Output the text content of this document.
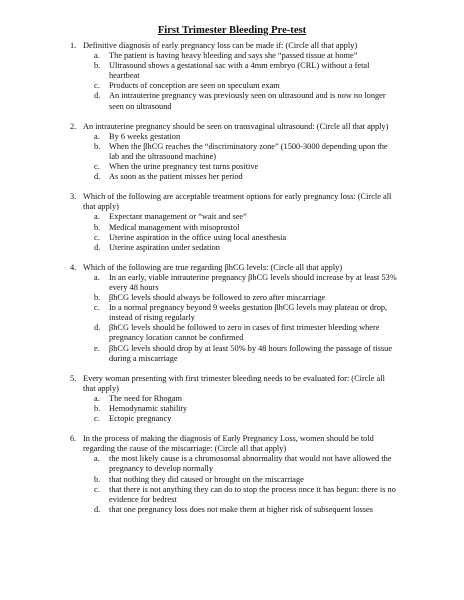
First Trimester Bleeding Pre-test
1. Definitive diagnosis of early pregnancy loss can be made if: (Circle all that apply)
a. The patient is having heavy bleeding and says she “passed tissue at home”
b. Ultrasound shows a gestational sac with a 4mm embryo (CRL) without a fetal heartbeat
c. Products of conception are seen on speculum exam
d. An intrauterine pregnancy was previously seen on ultrasound and is now no longer seen on ultrasound
2. An intrauterine pregnancy should be seen on transvaginal ultrasound: (Circle all that apply)
a. By 6 weeks gestation
b. When the βhCG reaches the “discriminatory zone” (1500-3000 depending upon the lab and the ultrasound machine)
c. When the urine pregnancy test turns positive
d. As soon as the patient misses her period
3. Which of the following are acceptable treatment options for early pregnancy loss: (Circle all that apply)
a. Expectant management or “wait and see”
b. Medical management with misoprostol
c. Uterine aspiration in the office using local anesthesia
d. Uterine aspiration under sedation
4. Which of the following are true regarding βhCG levels: (Circle all that apply)
a. In an early, viable intrauterine pregnancy βhCG levels should increase by at least 53% every 48 hours
b. βhCG levels should always be followed to zero after miscarriage
c. In a normal pregnancy beyond 9 weeks gestation βhCG levels may plateau or drop, instead of rising regularly
d. βhCG levels should be followed to zero in cases of first trimester bleeding where pregnancy location cannot be confirmed
e. βhCG levels should drop by at least 50% by 48 hours following the passage of tissue during a miscarriage
5. Every woman presenting with first trimester bleeding needs to be evaluated for: (Circle all that apply)
a. The need for Rhogam
b. Hemodynamic stability
c. Ectopic pregnancy
6. In the process of making the diagnosis of Early Pregnancy Loss, women should be told regarding the cause of the miscarriage: (Circle all that apply)
a. the most likely cause is a chromosomal abnormality that would not have allowed the pregnancy to develop normally
b. that nothing they did caused or brought on the miscarriage
c. that there is not anything they can do to stop the process once it has begun: there is no evidence for bedrest
d. that one pregnancy loss does not make them at higher risk of subsequent losses
